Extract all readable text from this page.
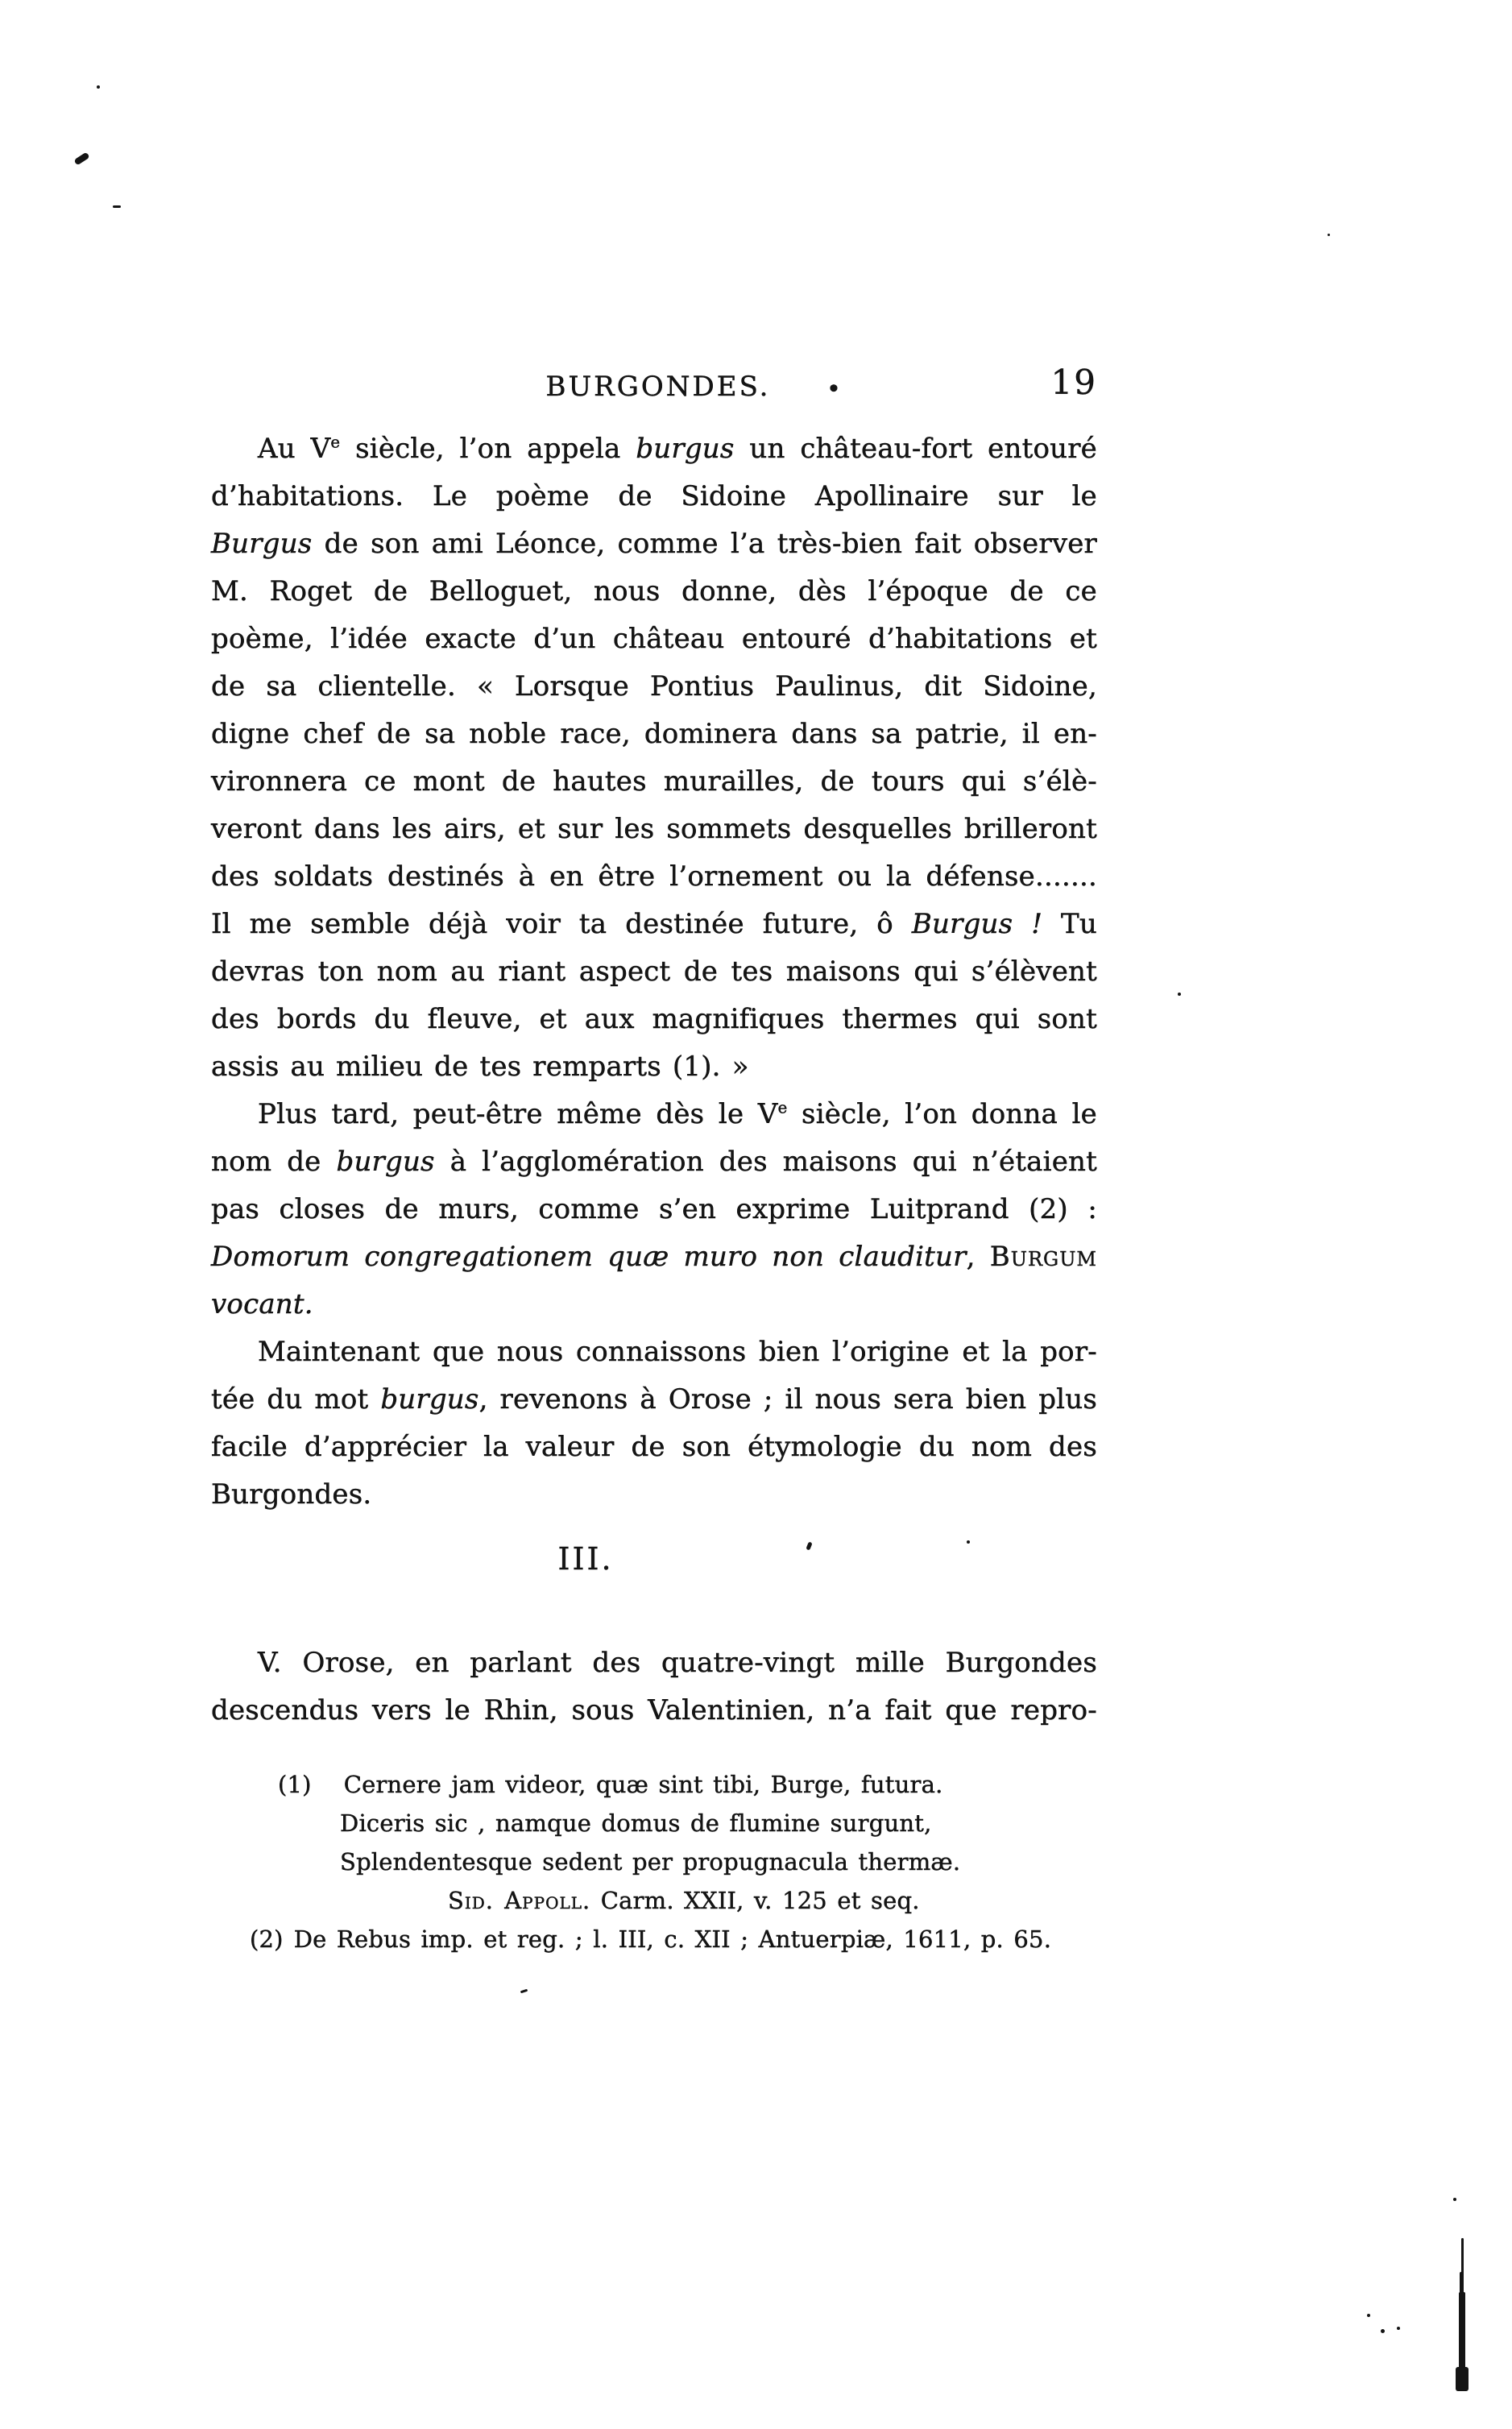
BURGONDES.	•	19
Au Ve siècle, l’on appela burgus un château-fort entouré
d’habitations. Le poème de Sidoine Apollinaire sur le
Burgus de son ami Léonce, comme l’a très-bien fait observer
M. Roget de Belloguet, nous donne, dès l’époque de ce
poème, l’idée exacte d’un château entouré d’habitations et
de sa clientelle. « Lorsque Pontius Paulinus, dit Sidoine,
digne chef de sa noble race, dominera dans sa patrie, il en-
vironnera ce mont de hautes murailles, de tours qui s’élè-
veront dans les airs, et sur les sommets desquelles brilleront
des soldats destinés à en être l’ornement ou la défense.......
Il me semble déjà voir ta destinée future, ô Burgus ! Tu
devras ton nom au riant aspect de tes maisons qui s’élèvent
des bords du fleuve, et aux magnifiques thermes qui sont
assis au milieu de tes remparts (1). »
Plus tard, peut-être même dès le Ve siècle, l’on donna le
nom de burgus à l’agglomération des maisons qui n’étaient
pas closes de murs, comme s’en exprime Luitprand (2) :
Domorum congregationem quæ muro non clauditur, Burgum
vocant.
Maintenant que nous connaissons bien l’origine et la por-
tée du mot burgus, revenons à Orose ; il nous sera bien plus
facile d’apprécier la valeur de son étymologie du nom des
Burgondes.
III.
V. Orose, en parlant des quatre-vingt mille Burgondes
descendus vers le Rhin, sous Valentinien, n’a fait que repro-
(1) Cernere jam videor, quæ sint tibi, Burge, futura.
Diceris sic , namque domus de flumine surgunt,
Splendentesque sedent per propugnacula thermæ.
Sid. Appoll. Carm. XXII, v. 125 et seq.
(2) De Rebus imp. et reg. ; l. III, c. XII ; Antuerpiæ, 1611, p. 65.
